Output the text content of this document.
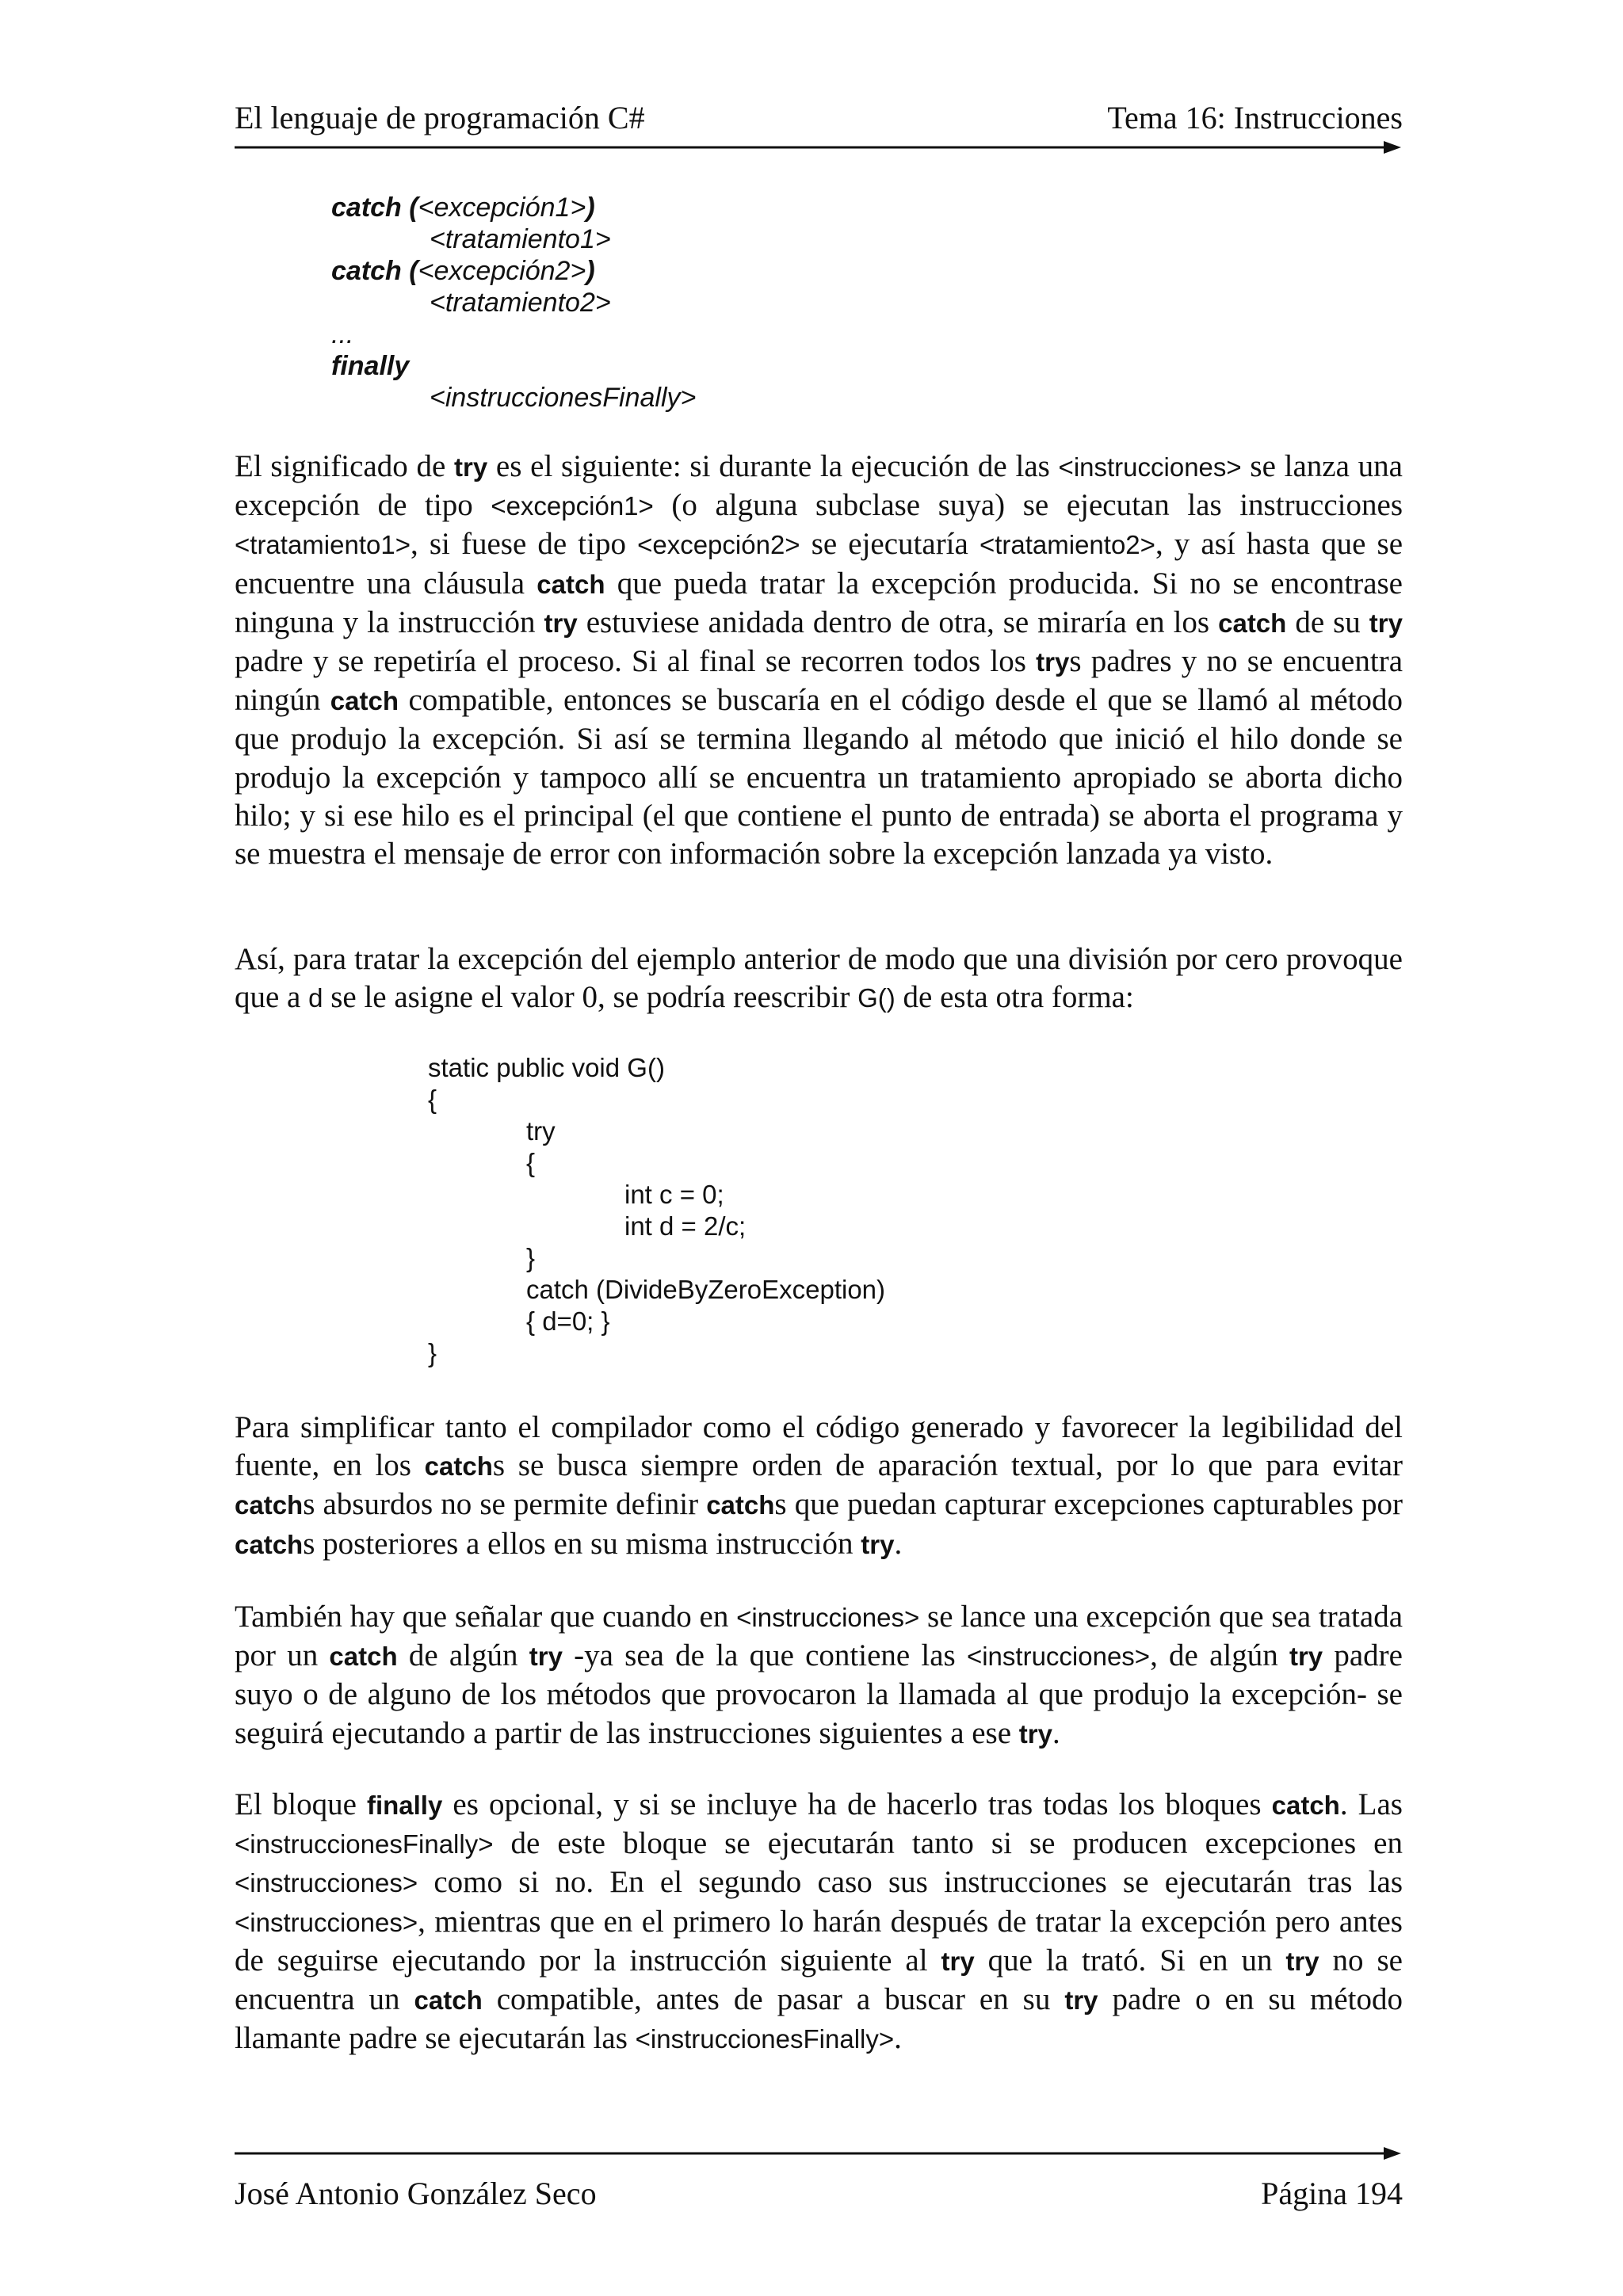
El lenguaje de programación C#	Tema 16: Instrucciones
catch (<excepción1>)
<tratamiento1>
catch (<excepción2>)
<tratamiento2>
...
finally
<instruccionesFinally>

El significado de try es el siguiente: si durante la ejecución de las <instrucciones> se lanza una excepción de tipo <excepción1> (o alguna subclase suya) se ejecutan las instrucciones <tratamiento1>, si fuese de tipo <excepción2> se ejecutaría <tratamiento2>, y así hasta que se encuentre una cláusula catch que pueda tratar la excepción producida. Si no se encontrase ninguna y la instrucción try estuviese anidada dentro de otra, se miraría en los catch de su try padre y se repetiría el proceso. Si al final se recorren todos los trys padres y no se encuentra ningún catch compatible, entonces se buscaría en el código desde el que se llamó al método que produjo la excepción. Si así se termina llegando al método que inició el hilo donde se produjo la excepción y tampoco allí se encuentra un tratamiento apropiado se aborta dicho hilo; y si ese hilo es el principal (el que contiene el punto de entrada) se aborta el programa y se muestra el mensaje de error con información sobre la excepción lanzada ya visto.

Así, para tratar la excepción del ejemplo anterior de modo que una división por cero provoque que a d se le asigne el valor 0, se podría reescribir G() de esta otra forma:

static public void G()
{
try
{
int c = 0;
int d = 2/c;
}
catch (DivideByZeroException)
{ d=0; }
}

Para simplificar tanto el compilador como el código generado y favorecer la legibilidad del fuente, en los catchs se busca siempre orden de aparación textual, por lo que para evitar catchs absurdos no se permite definir catchs que puedan capturar excepciones capturables por catchs posteriores a ellos en su misma instrucción try.

También hay que señalar que cuando en <instrucciones> se lance una excepción que sea tratada por un catch de algún try -ya sea de la que contiene las <instrucciones>, de algún try padre suyo o de alguno de los métodos que provocaron la llamada al que produjo la excepción- se seguirá ejecutando a partir de las instrucciones siguientes a ese try.

El bloque finally es opcional, y si se incluye ha de hacerlo tras todas los bloques catch. Las <instruccionesFinally> de este bloque se ejecutarán tanto si se producen excepciones en <instrucciones> como si no. En el segundo caso sus instrucciones se ejecutarán tras las <instrucciones>, mientras que en el primero lo harán después de tratar la excepción pero antes de seguirse ejecutando por la instrucción siguiente al try que la trató. Si en un try no se encuentra un catch compatible, antes de pasar a buscar en su try padre o en su método llamante padre se ejecutarán las <instruccionesFinally>.

José Antonio González Seco	Página 194
